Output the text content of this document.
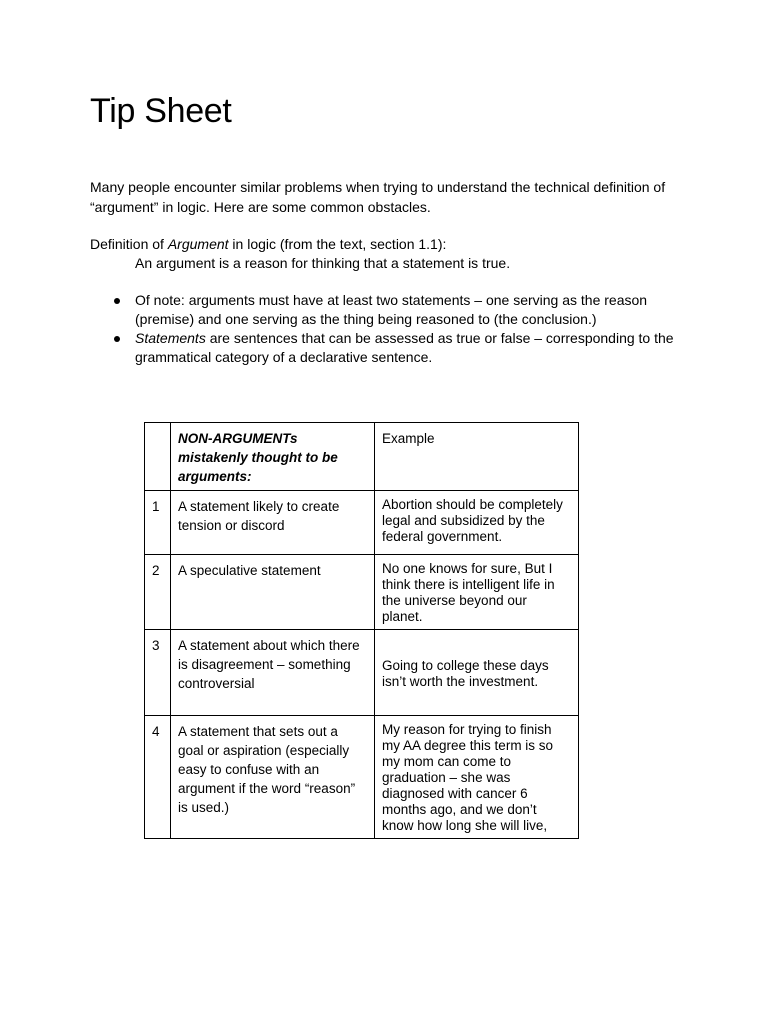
Tip Sheet

Many people encounter similar problems when trying to understand the technical definition of “argument” in logic. Here are some common obstacles.

Definition of Argument in logic (from the text, section 1.1):

An argument is a reason for thinking that a statement is true.

Of note: arguments must have at least two statements – one serving as the reason (premise) and one serving as the thing being reasoned to (the conclusion.)
Statements are sentences that can be assessed as true or false – corresponding to the grammatical category of a declarative sentence.
	NON-ARGUMENTs mistakenly thought to be arguments:	Example
1	A statement likely to create tension or discord	Abortion should be completely legal and subsidized by the federal government.
2	A speculative statement	No one knows for sure, But I think there is intelligent life in the universe beyond our planet.
3	A statement about which there is disagreement – something controversial	Going to college these days isn’t worth the investment.
4	A statement that sets out a goal or aspiration (especially easy to confuse with an argument if the word “reason” is used.)	My reason for trying to finish my AA degree this term is so my mom can come to graduation – she was diagnosed with cancer 6 months ago, and we don’t know how long she will live,
